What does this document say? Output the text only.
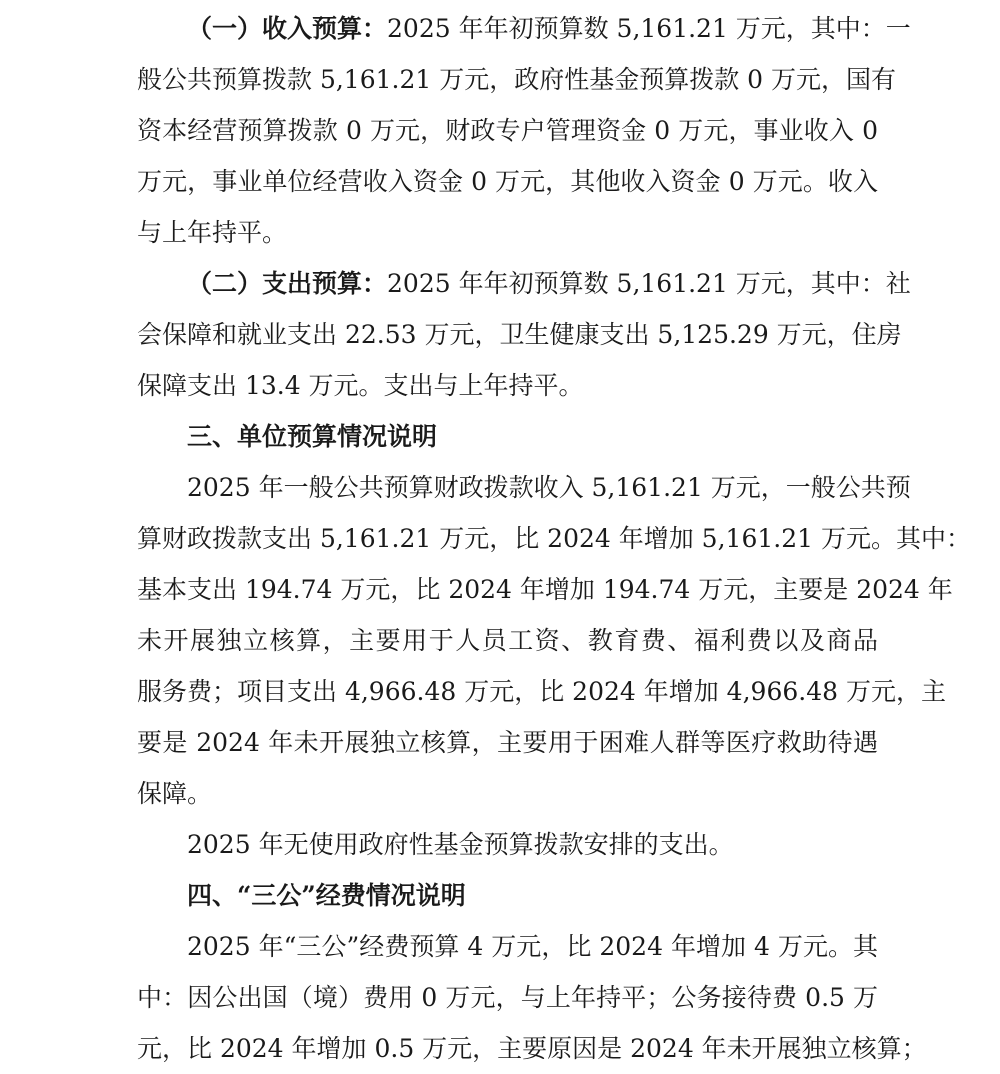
（一）收入预算：2025 年年初预算数 5,161.21 万元，其中：一
般公共预算拨款 5,161.21 万元，政府性基金预算拨款 0 万元，国有
资本经营预算拨款 0 万元，财政专户管理资金 0 万元，事业收入 0
万元，事业单位经营收入资金 0 万元，其他收入资金 0 万元。收入
与上年持平。
（二）支出预算：2025 年年初预算数 5,161.21 万元，其中：社
会保障和就业支出 22.53 万元，卫生健康支出 5,125.29 万元，住房
保障支出 13.4 万元。支出与上年持平。
三、单位预算情况说明
2025 年一般公共预算财政拨款收入 5,161.21 万元，一般公共预
算财政拨款支出 5,161.21 万元，比 2024 年增加 5,161.21 万元。其中：
基本支出 194.74 万元，比 2024 年增加 194.74 万元，主要是 2024 年
未开展独立核算，主要用于人员工资、教育费、福利费以及商品
服务费；项目支出 4,966.48 万元，比 2024 年增加 4,966.48 万元，主
要是 2024 年未开展独立核算，主要用于困难人群等医疗救助待遇
保障。
2025 年无使用政府性基金预算拨款安排的支出。
四、“三公”经费情况说明
2025 年“三公”经费预算 4 万元，比 2024 年增加 4 万元。其
中：因公出国（境）费用 0 万元，与上年持平；公务接待费 0.5 万
元，比 2024 年增加 0.5 万元，主要原因是 2024 年未开展独立核算；
